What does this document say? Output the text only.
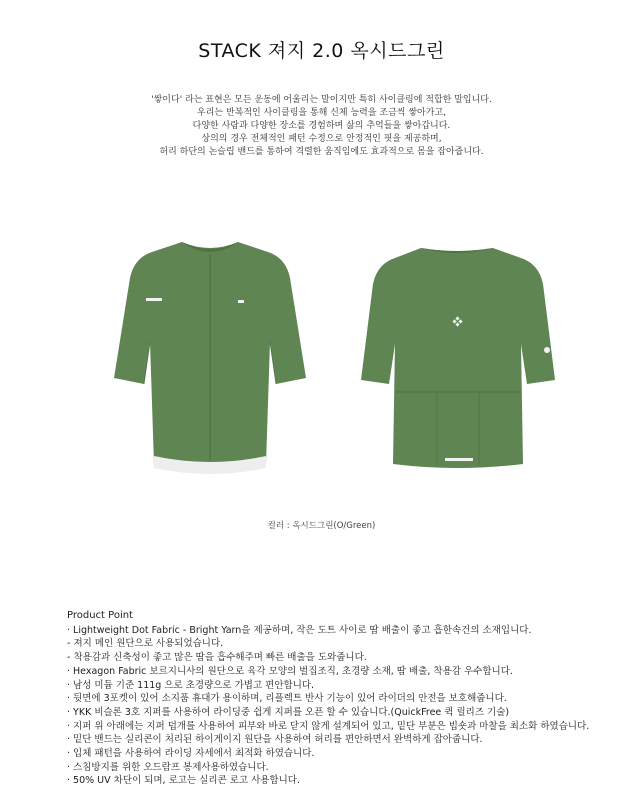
STACK 져지 2.0 옥시드그린
'쌓이다' 라는 표현은 모든 운동에 어울리는 말이지만 특히 사이클링에 적합한 말입니다.
우리는 반복적인 사이클링을 통해 신체 능력을 조금씩 쌓아가고,
다양한 사람과 다양한 장소를 경험하며 삶의 추억들을 쌓아갑니다.
상의의 경우 전체적인 패턴 수정으로 안정적인 핏을 제공하며,
허리 하단의 논슬립 밴드를 통하여 격렬한 움직임에도 효과적으로 몸을 잡아줍니다.
컬러 : 옥시드그린(O/Green)
Product Point
· Lightweight Dot Fabric - Bright Yarn을 제공하며, 작은 도트 사이로 땀 배출이 좋고 흡한속건의 소재입니다.
- 져지 메인 원단으로 사용되었습니다.
- 착용감과 신축성이 좋고 많은 땀을 흡수해주며 빠른 배출을 도와줍니다.
· Hexagon Fabric 보르지니사의 원단으로 육각 모양의 벌집조직, 초경량 소재, 땀 배출, 착용감 우수합니다.
· 남성 미듐 기준 111g 으로 초경량으로 가볍고 편안합니다.
· 뒷면에 3포켓이 있어 소지품 휴대가 용이하며, 리플렉트 반사 기능이 있어 라이더의 안전을 보호해줍니다.
· YKK 비슬론 3호 지퍼를 사용하여 라이딩중 쉽게 지퍼를 오픈 할 수 있습니다.(QuickFree 퀵 릴리즈 기술)
· 지퍼 위 아래에는 지퍼 덥개를 사용하여 피부와 바로 닫지 않게 설계되어 있고, 밑단 부분은 빕숏과 마찰을 최소화 하였습니다.
· 밑단 밴드는 실리콘이 처리된 하이게이지 원단을 사용하여 허리를 편안하면서 완벽하게 잡아줍니다.
· 입체 패턴을 사용하여 라이딩 자세에서 최적화 하였습니다.
· 스침방지를 위한 오드람프 봉제사용하였습니다.
· 50% UV 차단이 되며, 로고는 실리콘 로고 사용합니다.
